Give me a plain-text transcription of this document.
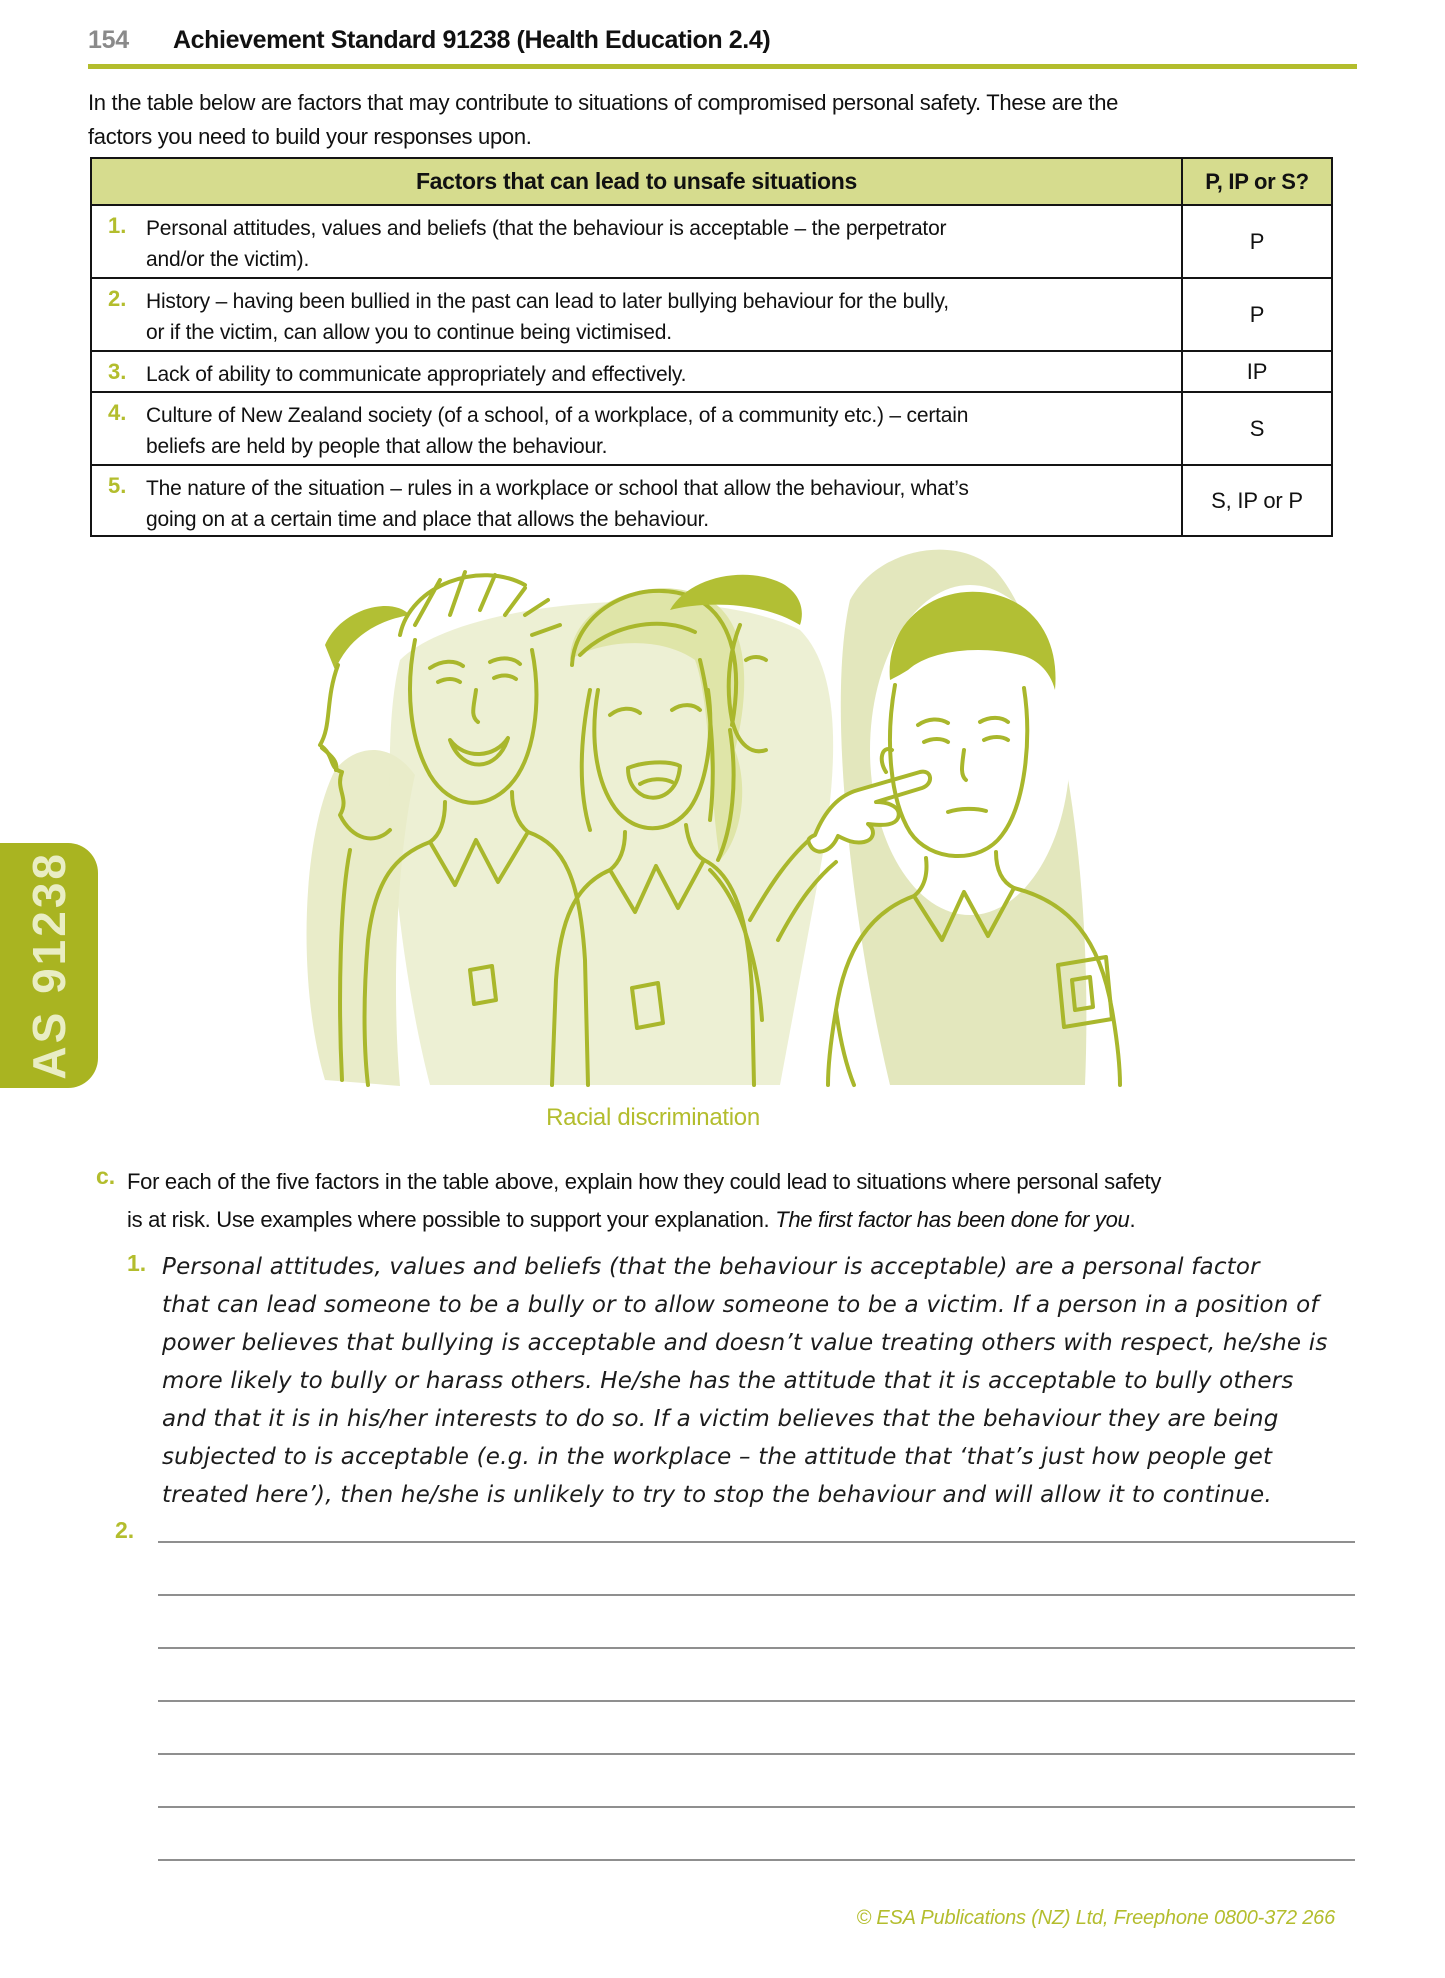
154 Achievement Standard 91238 (Health Education 2.4)
In the table below are factors that may contribute to situations of compromised personal safety. These are the
factors you need to build your responses upon.
Factors that can lead to unsafe situations	P, IP or S?
1. Personal attitudes, values and beliefs (that the behaviour is acceptable – the perpetrator
and/or the victim).
P
2. History – having been bullied in the past can lead to later bullying behaviour for the bully,
or if the victim, can allow you to continue being victimised.
P
3. Lack of ability to communicate appropriately and effectively.	IP
4. Culture of New Zealand society (of a school, of a workplace, of a community etc.) – certain
beliefs are held by people that allow the behaviour.
S
5. The nature of the situation – rules in a workplace or school that allow the behaviour, what’s
going on at a certain time and place that allows the behaviour.
S, IP or P
Racial discrimination
c. For each of the five factors in the table above, explain how they could lead to situations where personal safety
is at risk. Use examples where possible to support your explanation. The first factor has been done for you.
1. Personal attitudes, values and beliefs (that the behaviour is acceptable) are a personal factor
that can lead someone to be a bully or to allow someone to be a victim. If a person in a position of
power believes that bullying is acceptable and doesn’t value treating others with respect, he/she is
more likely to bully or harass others. He/she has the attitude that it is acceptable to bully others
and that it is in his/her interests to do so. If a victim believes that the behaviour they are being
subjected to is acceptable (e.g. in the workplace – the attitude that ‘that’s just how people get
treated here’), then he/she is unlikely to try to stop the behaviour and will allow it to continue.
2.
© ESA Publications (NZ) Ltd, Freephone 0800-372 266
AS 91238
